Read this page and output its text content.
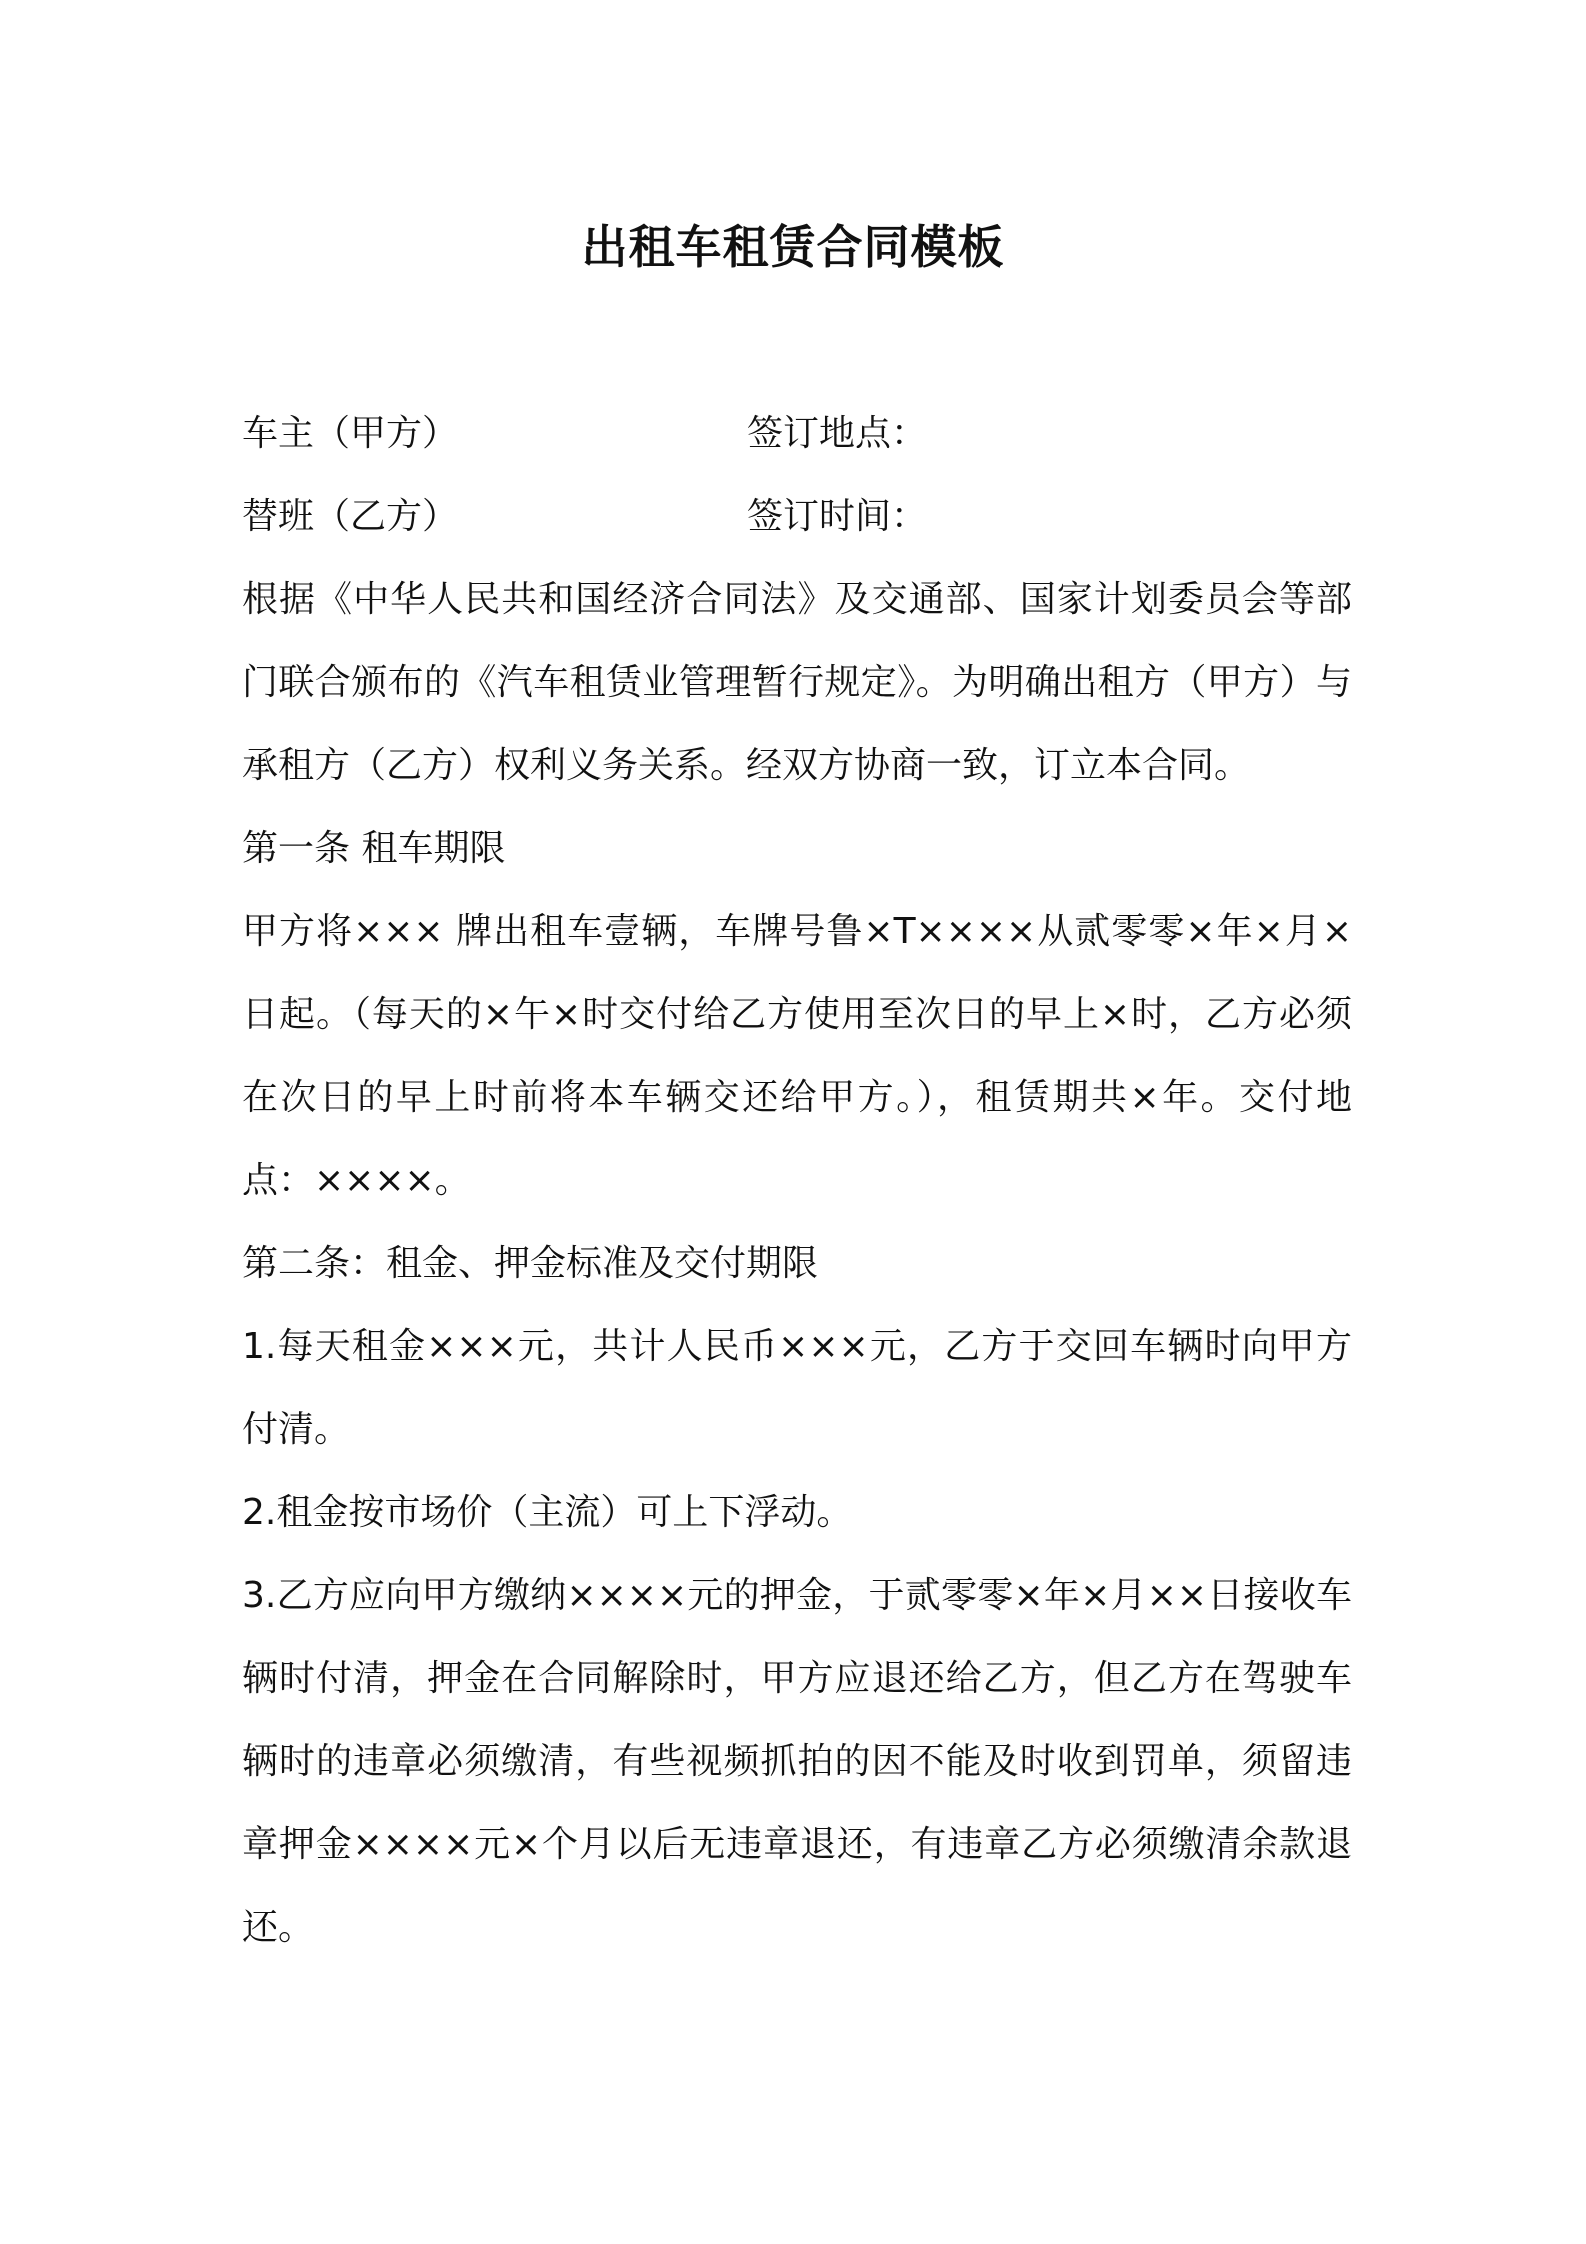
出租车租赁合同模板
车主（甲方）	签订地点：
替班（乙方）	签订时间：

根据《中华人民共和国经济合同法》及交通部、国家计划委员会等部门联合颁布的《汽车租赁业管理暂行规定》。为明确出租方（甲方）与承租方（乙方）权利义务关系。经双方协商一致，订立本合同。

第一条 租车期限

甲方将××× 牌出租车壹辆，车牌号鲁×T××××从贰零零×年×月×日起。（每天的×午×时交付给乙方使用至次日的早上×时，乙方必须在次日的早上时前将本车辆交还给甲方。），租赁期共×年。交付地点：××××。

第二条：租金、押金标准及交付期限

1.每天租金×××元，共计人民币×××元，乙方于交回车辆时向甲方付清。

2.租金按市场价（主流）可上下浮动。

3.乙方应向甲方缴纳××××元的押金，于贰零零×年×月××日接收车辆时付清，押金在合同解除时，甲方应退还给乙方，但乙方在驾驶车辆时的违章必须缴清，有些视频抓拍的因不能及时收到罚单，须留违章押金××××元×个月以后无违章退还，有违章乙方必须缴清余款退还。
